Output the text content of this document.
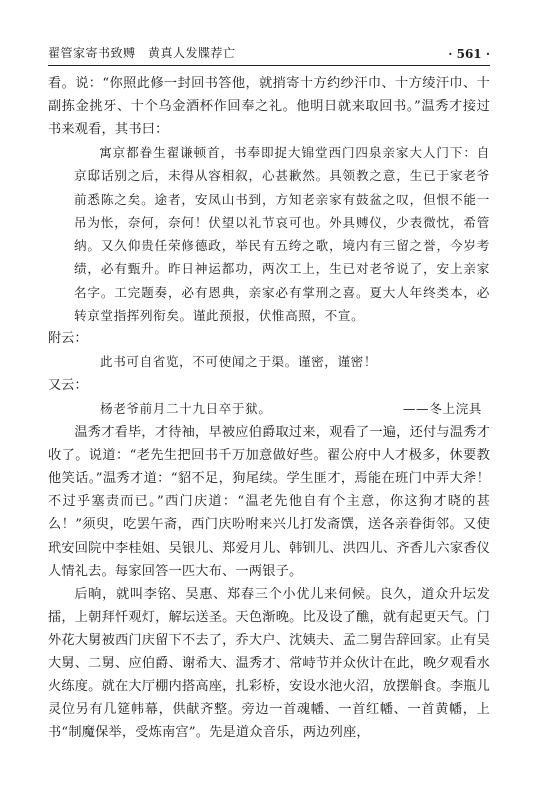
翟管家寄书致赙　黄真人发牒荐亡	· 561 ·

看。说：“你照此修一封回书答他，就捎寄十方约纱汗巾、十方绫汗巾、十副拣金挑牙、十个乌金酒杯作回奉之礼。他明日就来取回书。”温秀才接过书来观看，其书曰：

寓京都眷生翟谦顿首，书奉即捉大锦堂西门四泉亲家大人门下：自京邸话别之后，未得从容相叙，心甚歉然。具领教之意，生已于家老爷前悉陈之矣。途者，安凤山书到，方知老亲家有鼓盆之叹，但恨不能一吊为怅，奈何，奈何！伏望以礼节哀可也。外具赙仪，少表微忱，希管纳。又久仰贵任荣修德政，举民有五绔之歌，境内有三留之誉，今岁考绩，必有甄升。昨日神运都功，两次工上，生已对老爷说了，安上亲家名字。工完题奏，必有恩典，亲家必有掌刑之喜。夏大人年终类本，必转京堂指挥列衔矣。谨此预报，伏惟高照，不宣。

附云：

此书可自省览，不可使闻之于渠。谨密，谨密！

又云：

杨老爷前月二十九日卒于狱。	——冬上浣具

温秀才看毕，才待袖，早被应伯爵取过来，观看了一遍，还付与温秀才收了。说道：“老先生把回书千万加意做好些。翟公府中人才极多，休要教他笑话。”温秀才道：“貂不足，狗尾续。学生匪才，焉能在班门中弄大斧！不过乎塞责而已。”西门庆道：“温老先他自有个主意，你这狗才晓的甚么！”须臾，吃罢午斋，西门庆吩咐来兴儿打发斋馔，送各亲眷街邻。又使玳安回院中李桂姐、吴银儿、郑爱月儿、韩钏儿、洪四儿、齐香儿六家香仪人情礼去。每家回答一匹大布、一两银子。

后晌，就叫李铭、吴惠、郑春三个小优儿来伺候。良久，道众升坛发擂，上朝拜忏观灯，解坛送圣。天色渐晚。比及设了醮，就有起更天气。门外花大舅被西门庆留下不去了，乔大户、沈姨夫、孟二舅告辞回家。止有吴大舅、二舅、应伯爵、谢希大、温秀才、常峙节并众伙计在此，晚夕观看水火练度。就在大厅棚内搭高座，扎彩桥，安设水池火沼，放摆斛食。李瓶儿灵位另有几筵帏幕，供献齐整。旁边一首魂幡、一首红幡、一首黄幡，上书“制魔保举，受炼南宫”。先是道众音乐，两边列座，
